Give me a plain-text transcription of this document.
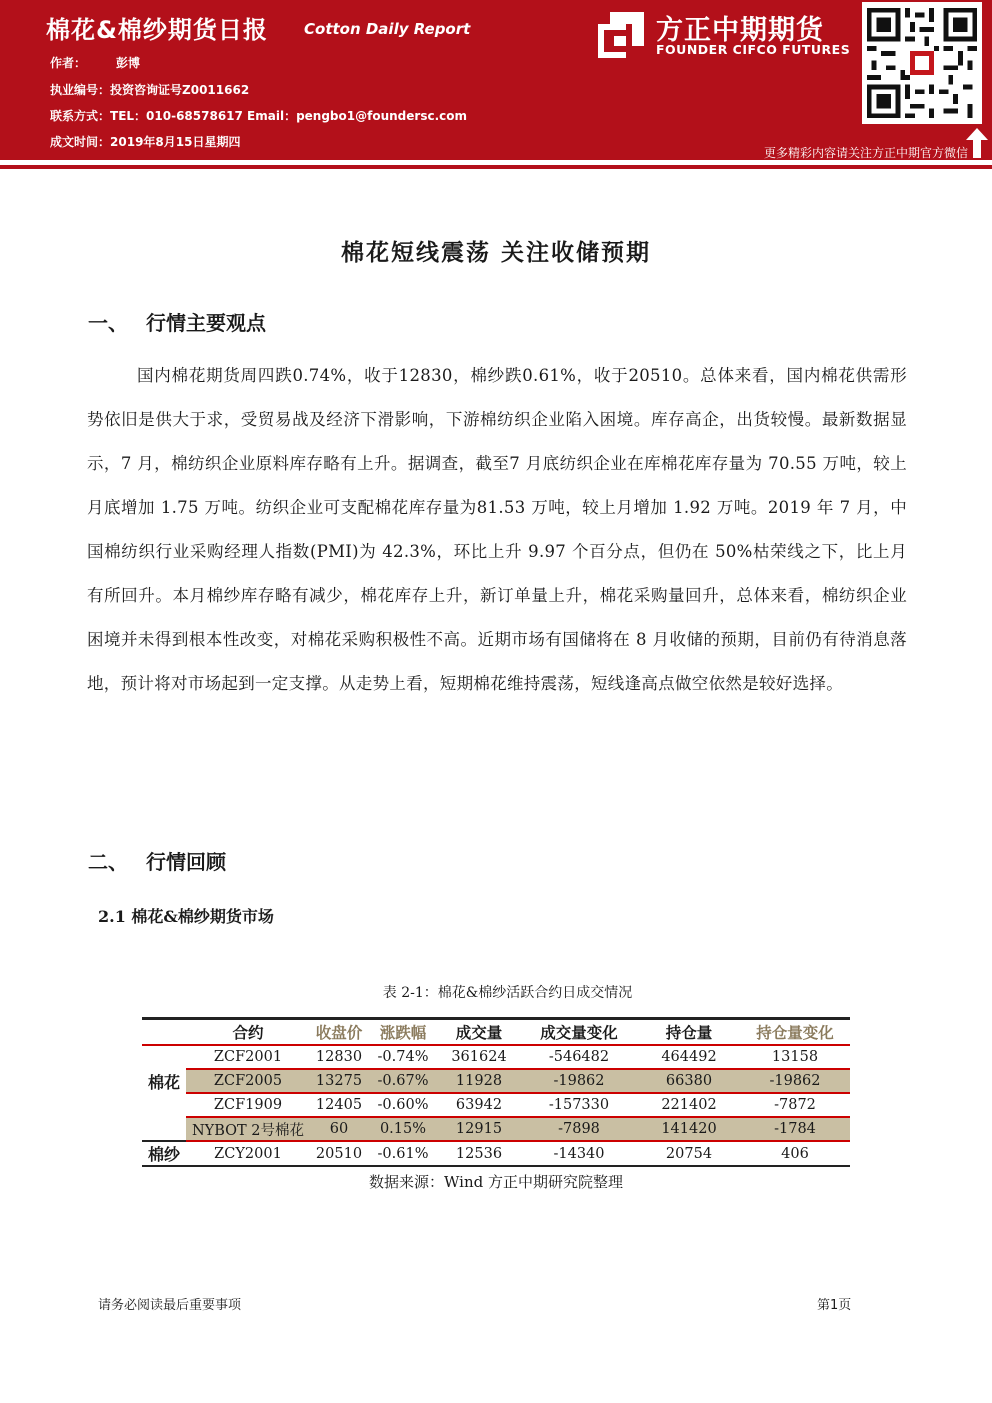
棉花&棉纱期货日报 Cotton Daily Report
作者：	彭博
执业编号：投资咨询证号Z0011662
联系方式：TEL：010-68578617 Email：pengbo1@foundersc.com
成文时间：2019年8月15日星期四
方正中期期货
FOUNDER CIFCO FUTURES
更多精彩内容请关注方正中期官方微信
棉花短线震荡 关注收储预期
一、 行情主要观点
国内棉花期货周四跌0.74%，收于12830，棉纱跌0.61%，收于20510。总体来看，国内棉花供需形势依旧是供大于求，受贸易战及经济下滑影响，下游棉纺织企业陷入困境。库存高企，出货较慢。最新数据显示，7 月，棉纺织企业原料库存略有上升。据调查，截至7 月底纺织企业在库棉花库存量为 70.55 万吨，较上月底增加 1.75 万吨。纺织企业可支配棉花库存量为81.53 万吨，较上月增加 1.92 万吨。2019 年 7 月，中国棉纺织行业采购经理人指数(PMI)为 42.3%，环比上升 9.97 个百分点，但仍在 50%枯荣线之下，比上月有所回升。本月棉纱库存略有减少，棉花库存上升，新订单量上升，棉花采购量回升，总体来看，棉纺织企业困境并未得到根本性改变，对棉花采购积极性不高。近期市场有国储将在 8 月收储的预期，目前仍有待消息落地，预计将对市场起到一定支撑。从走势上看，短期棉花维持震荡，短线逢高点做空依然是较好选择。
二、 行情回顾
2.1 棉花&棉纱期货市场
表 2-1：棉花&棉纱活跃合约日成交情况
	合约	收盘价	涨跌幅	成交量	成交量变化	持仓量	持仓量变化
棉花	ZCF2001	12830	-0.74%	361624	-546482	464492	13158
	ZCF2005	13275	-0.67%	11928	-19862	66380	-19862
	ZCF1909	12405	-0.60%	63942	-157330	221402	-7872
	NYBOT 2号棉花	60	0.15%	12915	-7898	141420	-1784
棉纱	ZCY2001	20510	-0.61%	12536	-14340	20754	406
数据来源：Wind 方正中期研究院整理
请务必阅读最后重要事项	第1页
